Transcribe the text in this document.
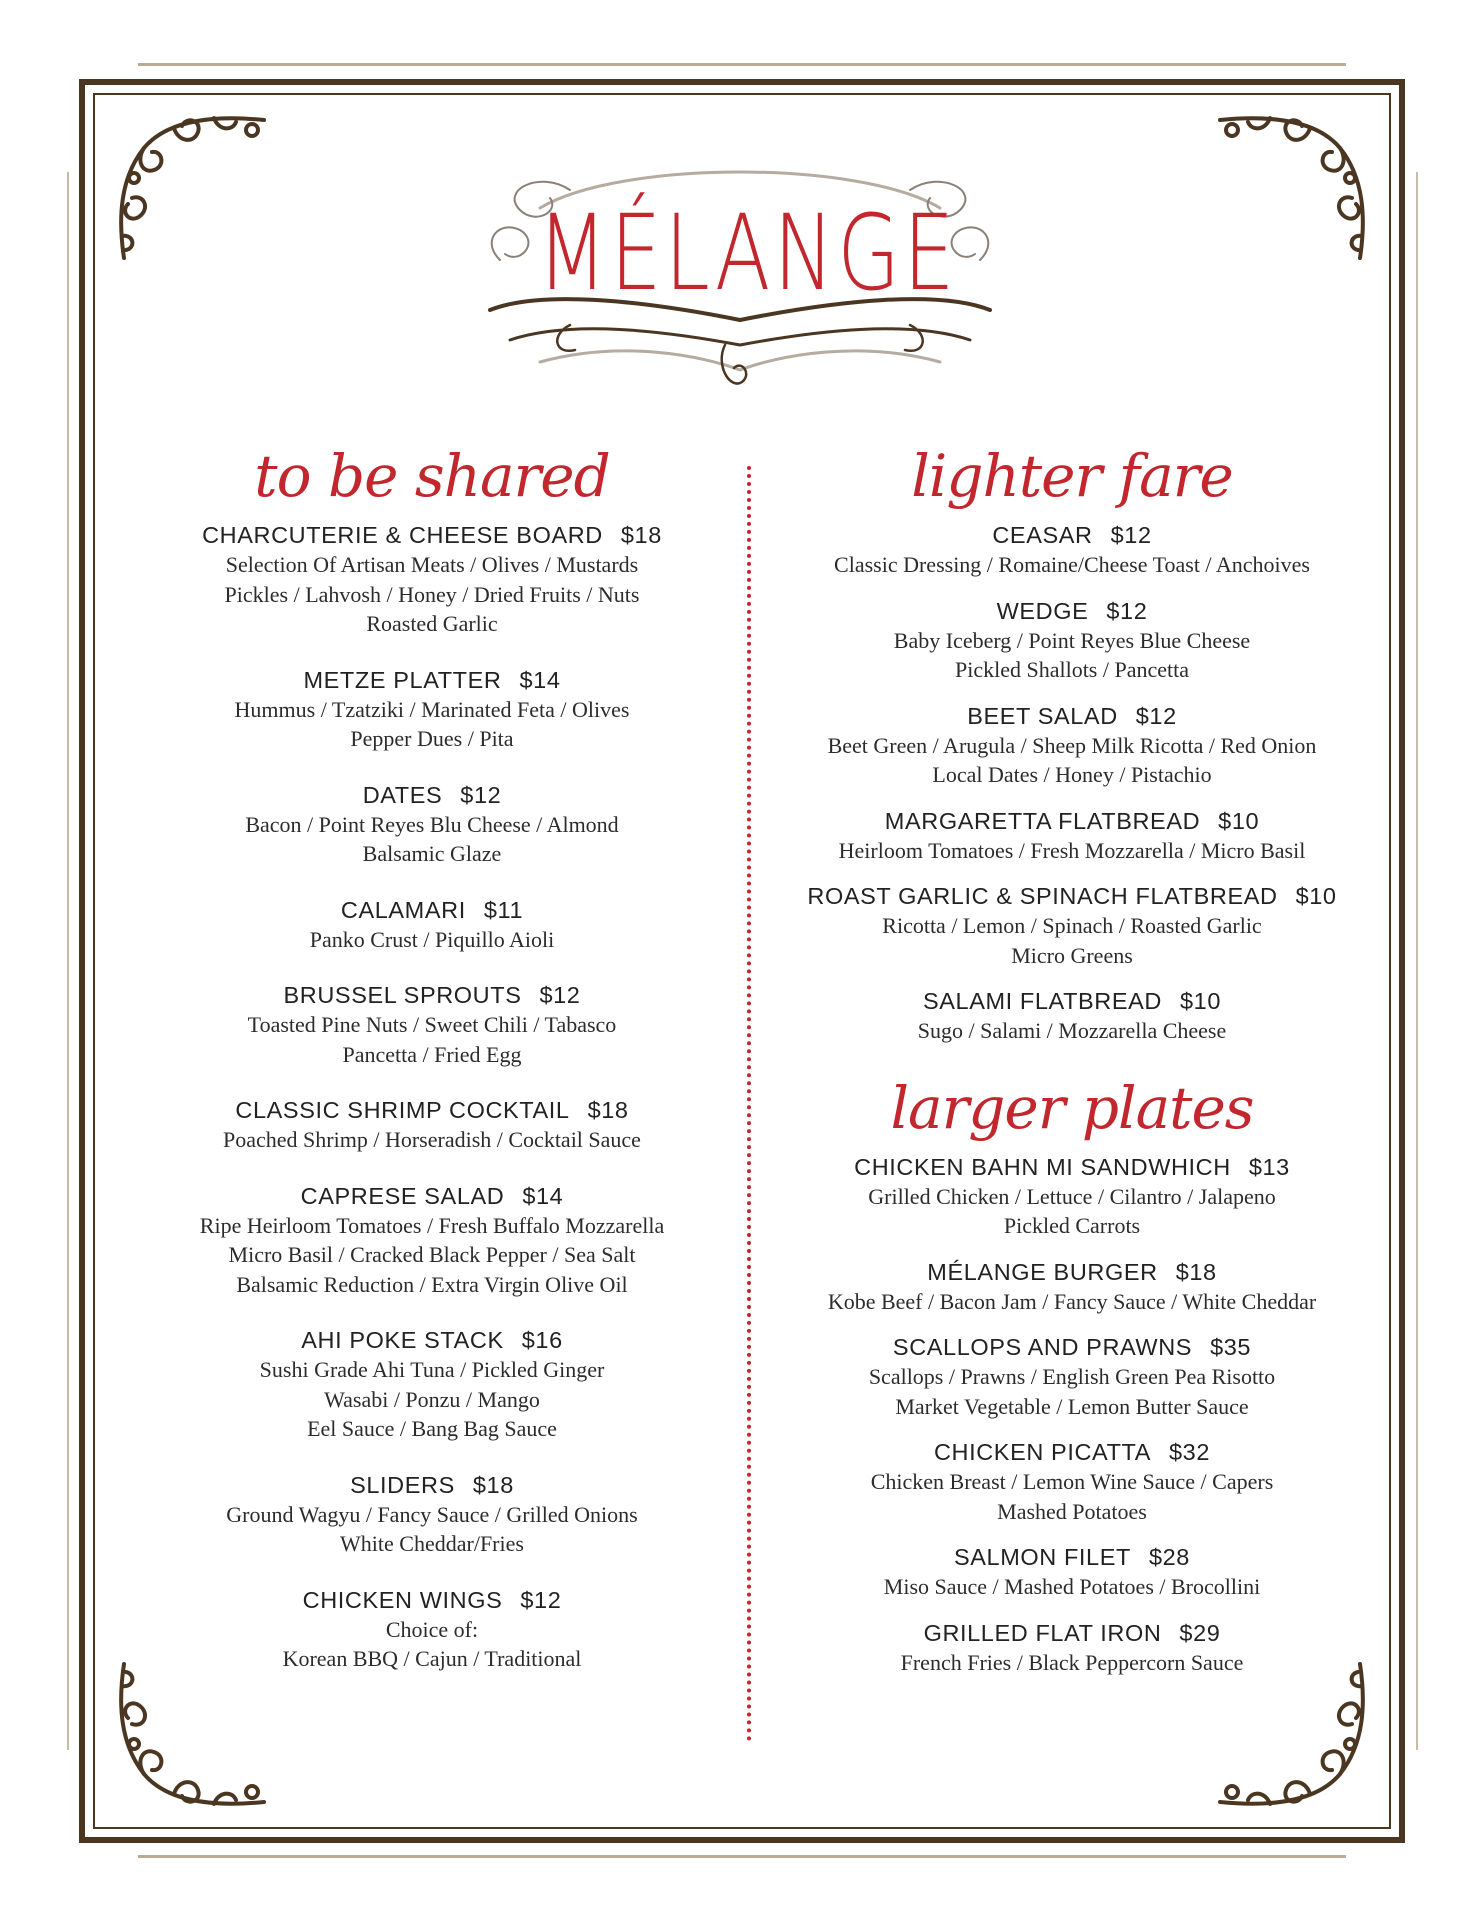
MÉLANGE
to be shared
CHARCUTERIE & CHEESE BOARD $18
Selection Of Artisan Meats / Olives / Mustards
Pickles / Lahvosh / Honey / Dried Fruits / Nuts
Roasted Garlic
METZE PLATTER $14
Hummus / Tzatziki / Marinated Feta / Olives
Pepper Dues / Pita
DATES $12
Bacon / Point Reyes Blu Cheese / Almond
Balsamic Glaze
CALAMARI $11
Panko Crust / Piquillo Aioli
BRUSSEL SPROUTS $12
Toasted Pine Nuts / Sweet Chili / Tabasco
Pancetta / Fried Egg
CLASSIC SHRIMP COCKTAIL $18
Poached Shrimp / Horseradish / Cocktail Sauce
CAPRESE SALAD $14
Ripe Heirloom Tomatoes / Fresh Buffalo Mozzarella
Micro Basil / Cracked Black Pepper / Sea Salt
Balsamic Reduction / Extra Virgin Olive Oil
AHI POKE STACK $16
Sushi Grade Ahi Tuna / Pickled Ginger
Wasabi / Ponzu / Mango
Eel Sauce / Bang Bag Sauce
SLIDERS $18
Ground Wagyu / Fancy Sauce / Grilled Onions
White Cheddar/Fries
CHICKEN WINGS $12
Choice of:
Korean BBQ / Cajun / Traditional
lighter fare
CEASAR $12
Classic Dressing / Romaine/Cheese Toast / Anchoives
WEDGE $12
Baby Iceberg / Point Reyes Blue Cheese
Pickled Shallots / Pancetta
BEET SALAD $12
Beet Green / Arugula / Sheep Milk Ricotta / Red Onion
Local Dates / Honey / Pistachio
MARGARETTA FLATBREAD $10
Heirloom Tomatoes / Fresh Mozzarella / Micro Basil
ROAST GARLIC & SPINACH FLATBREAD $10
Ricotta / Lemon / Spinach / Roasted Garlic
Micro Greens
SALAMI FLATBREAD $10
Sugo / Salami / Mozzarella Cheese
larger plates
CHICKEN BAHN MI SANDWHICH $13
Grilled Chicken / Lettuce / Cilantro / Jalapeno
Pickled Carrots
MÉLANGE BURGER $18
Kobe Beef / Bacon Jam / Fancy Sauce / White Cheddar
SCALLOPS AND PRAWNS $35
Scallops / Prawns / English Green Pea Risotto
Market Vegetable / Lemon Butter Sauce
CHICKEN PICATTA $32
Chicken Breast / Lemon Wine Sauce / Capers
Mashed Potatoes
SALMON FILET $28
Miso Sauce / Mashed Potatoes / Brocollini
GRILLED FLAT IRON $29
French Fries / Black Peppercorn Sauce
